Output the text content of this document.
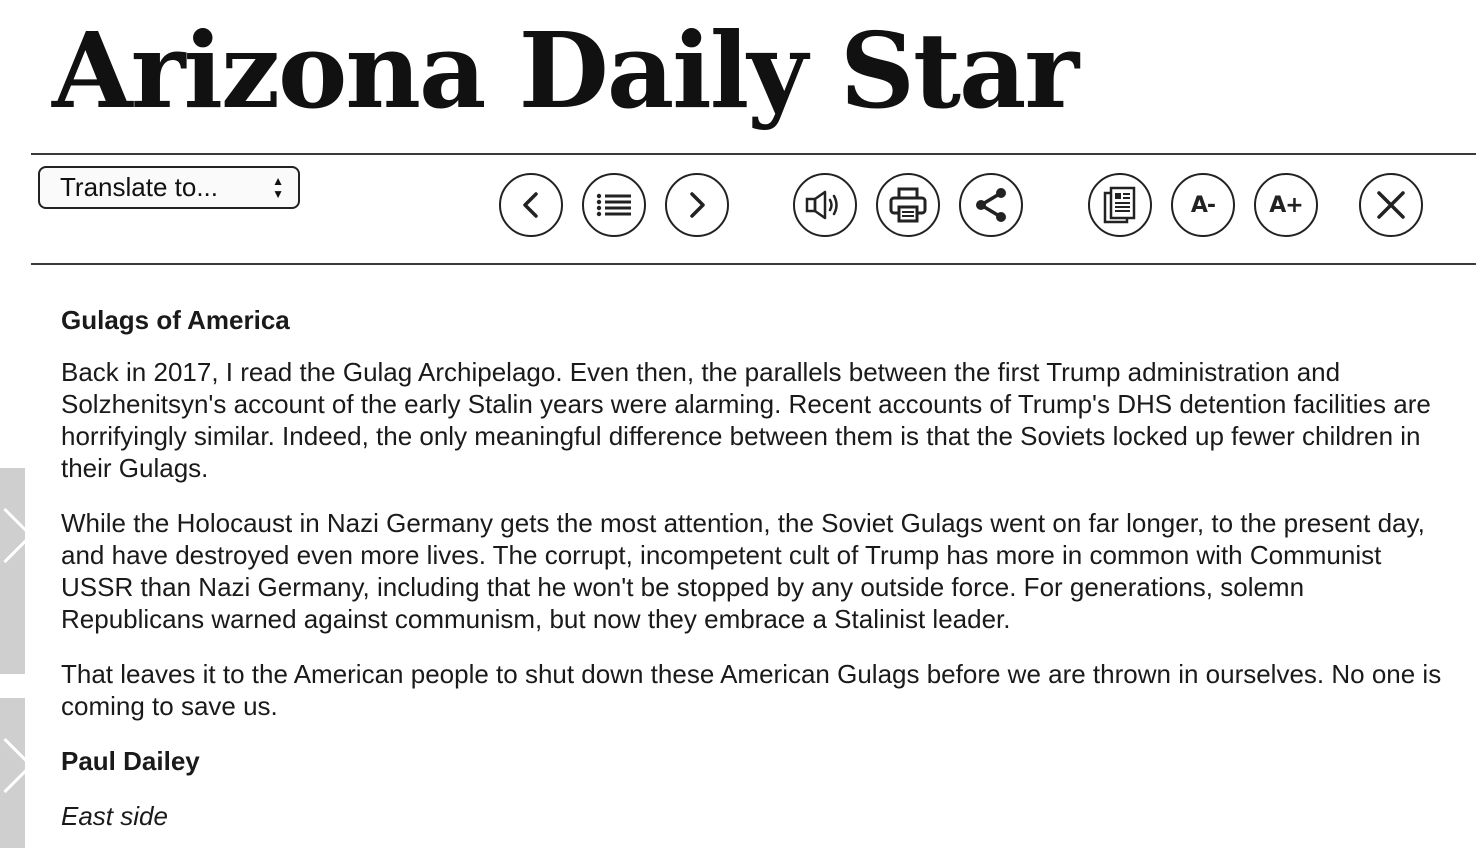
Arizona Daily Star
Translate to...	▲
▼	A- A+
Gulags of America

Back in 2017, I read the Gulag Archipelago. Even then, the parallels between the first Trump administration and Solzhenitsyn's account of the early Stalin years were alarming. Recent accounts of Trump's DHS detention facilities are horrifyingly similar. Indeed, the only meaningful difference between them is that the Soviets locked up fewer children in their Gulags.

While the Holocaust in Nazi Germany gets the most attention, the Soviet Gulags went on far longer, to the present day, and have destroyed even more lives. The corrupt, incompetent cult of Trump has more in common with Communist USSR than Nazi Germany, including that he won't be stopped by any outside force. For generations, solemn Republicans warned against communism, but now they embrace a Stalinist leader.

That leaves it to the American people to shut down these American Gulags before we are thrown in ourselves. No one is coming to save us.

Paul Dailey
East side
